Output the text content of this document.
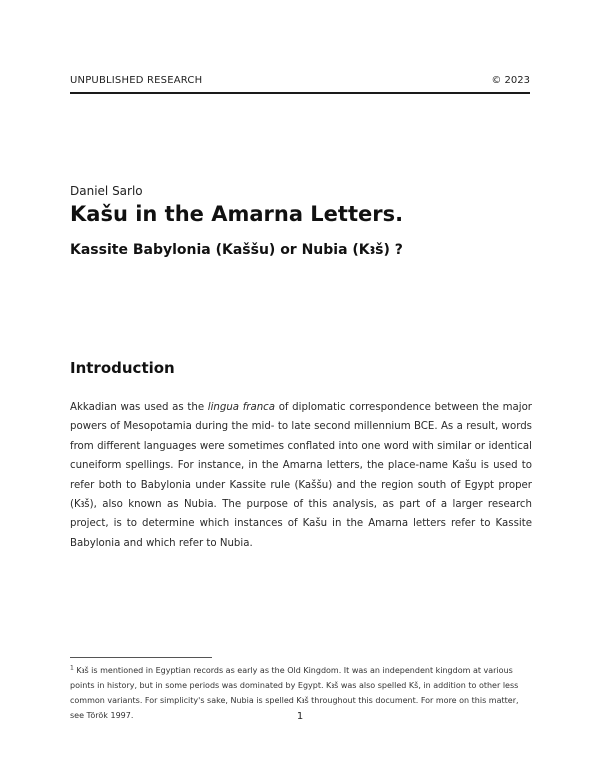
UNPUBLISHED RESEARCH	© 2023
Daniel Sarlo
Kašu in the Amarna Letters.
Kassite Babylonia (Kaššu) or Nubia (Kꜣš) ?
Introduction

Akkadian was used as the lingua franca of diplomatic correspondence between the major powers of Mesopotamia during the mid- to late second millennium BCE. As a result, words from different languages were sometimes conflated into one word with similar or identical cuneiform spellings. For instance, in the Amarna letters, the place-name Kašu is used to refer both to Babylonia under Kassite rule (Kaššu) and the region south of Egypt proper (Kꜣš), also known as Nubia. The purpose of this analysis, as part of a larger research project, is to determine which instances of Kašu in the Amarna letters refer to Kassite Babylonia and which refer to Nubia.

$^1$ Kꜣš is mentioned in Egyptian records as early as the Old Kingdom. It was an independent kingdom at various points in history, but in some periods was dominated by Egypt. Kꜣš was also spelled Kš, in addition to other less common variants. For simplicity's sake, Nubia is spelled Kꜣš throughout this document. For more on this matter, see Török 1997.	1
